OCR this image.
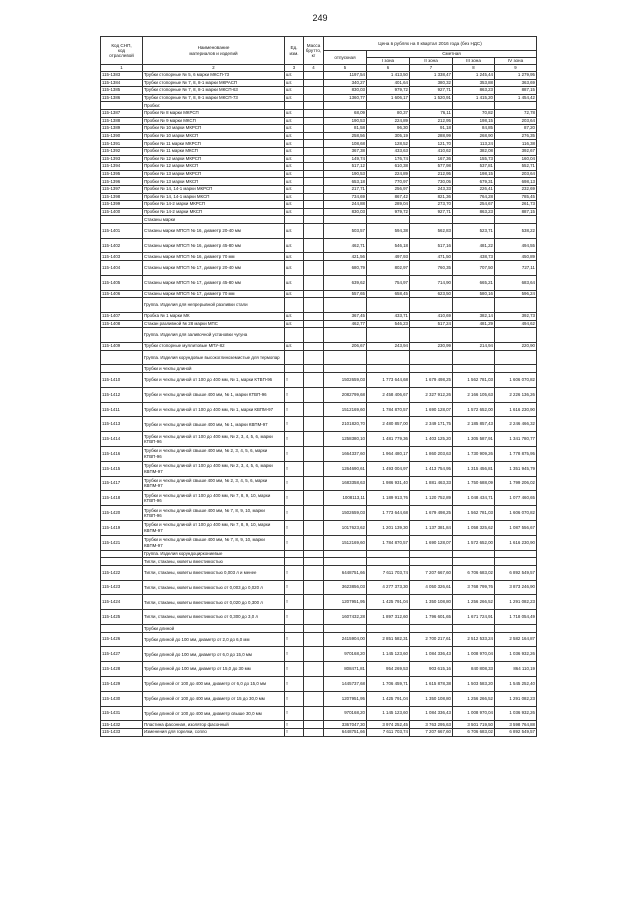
249
Код СНП,
код
отраслевой	Наименование
материалов и изделий	Ед.
изм.	Масса
брутто,
кг	Цена в рублях на II квартал 2016 года (без НДС)				
				отпускная	Сметная			
					I зона	II зона	III зона	IV зона
1	2	3	4	5	6	7	8	9
115-1383	Трубки стопорные № 5, 6 марки МКСП-73	шт.		1197,54	1 413,50	1 338,47	1 245,44	1 279,95
115-1384	Трубки стопорные № 7, 8, 8-1 марки МКРАСП	шт.		340,27	401,64	380,32	353,88	363,69
115-1385	Трубки стопорные № 7, 8, 8-1 марки МКСП-63	шт.		830,03	979,72	927,71	863,23	887,15
115-1386	Трубки стопорные № 7, 8, 8-1 марки МКСП-73	шт.		1360,77	1 606,17	1 520,91	1 415,20	1 454,42
	Пробки:							
115-1387	Пробки № 8 марки МКРСП	шт.		68,09	80,37	76,11	70,82	72,78
115-1388	Пробки № 9 марки МКСП	шт.		190,53	224,89	212,95	198,15	203,64
115-1389	Пробки № 10 марки МКРСП	шт.		81,58	96,30	91,18	84,85	87,20
115-1390	Пробки № 10 марки МКСП	шт.		258,56	305,19	288,99	268,90	276,35
115-1391	Пробки № 11 марки МКРСП	шт.		108,68	128,52	121,70	113,24	116,38
115-1392	Пробки № 11 марки МКСП	шт.		367,38	433,63	410,62	382,08	392,67
115-1393	Пробки № 12 марки МКРСП	шт.		149,74	176,74	167,36	155,73	160,04
115-1394	Пробки № 12 марки МКСП	шт.		517,12	610,38	577,98	537,81	552,71
115-1395	Пробки № 13 марки МКРСП	шт.		190,53	224,89	212,95	198,15	203,64
115-1396	Пробки № 13 марки МКСП	шт.		653,18	770,97	730,05	679,31	698,13
115-1397	Пробки № 14, 14-1 марки МКРСП	шт.		217,71	256,97	243,33	226,41	232,69
115-1398	Пробки № 14, 14-1 марки МКСП	шт.		734,69	867,42	821,36	764,28	785,45
115-1399	Пробки № 14-2 марки МКРСП	шт.		244,88	289,04	273,70	254,67	261,73
115-1400	Пробки № 14-2 марки МКСП	шт.		830,03	979,72	927,71	863,23	887,15
	Стаканы марки							
115-1401	Стаканы марки МПСП № 16, диаметр 20-40 мм	шт.		503,57	594,38	562,83	523,71	538,22
115-1402	Стаканы марки МПСП № 16, диаметр 45-80 мм	шт.		462,71	546,18	517,16	481,22	494,55
115-1403	Стаканы марки МПСП № 16, диаметр 70 мм	шт.		421,56	497,93	471,50	438,73	450,89
115-1404	Стаканы марки МПСП № 17, диаметр 20-40 мм	шт.		680,79	802,97	760,35	707,50	727,11
115-1405	Стаканы марки МПСП № 17, диаметр 45-80 мм	шт.		639,62	754,97	714,90	665,21	683,64
115-1406	Стаканы марки МПСП № 17, диаметр 70 мм	шт.		557,65	658,45	623,50	580,16	596,24
	Группа. Изделия для непрерывной разливки стали							
115-1407	Пробка № 1 марки МК	шт.		367,45	433,71	410,69	382,14	392,73
115-1408	Стакан разливной № 28 марки МПС	шт.		462,77	546,23	517,24	481,29	494,62
	Группа. Изделия для заливочной установки чугуна							
115-1409	Трубки стопорные муллитовые МПУ-82	шт.		206,67	243,94	230,99	214,94	220,90
	Группа. Изделия корундовые высокоглиноземистые для термопар							
	Трубки и чехлы длиной							
115-1410	Трубки и чехлы длиной от 100 до 400 мм, № 1, марки КТВП-96	т		1502659,03	1 773 644,68	1 679 498,25	1 562 781,03	1 606 070,82
115-1412	Трубки и чехлы длиной свыше 400 мм, № 1, марки КТВП-96	т		2082799,68	2 458 406,67	2 327 912,26	2 166 105,63	2 226 136,26
115-1411	Трубки и чехлы длиной от 100 до 400 мм, № 1, марки КВПМ-97	т		1512169,60	1 784 870,57	1 690 128,07	1 572 652,00	1 616 230,90
115-1413	Трубки и чехлы длиной свыше 400 мм, № 1, марки КВПМ-97	т		2101820,70	2 480 857,00	2 349 171,75	2 185 857,43	2 246 466,32
115-1414	Трубки и чехлы длиной от 100 до 400 мм, № 2, 3, 4, 5, 6, марки КТВП-96	т		1258380,10	1 481 779,36	1 403 125,20	1 305 587,91	1 341 780,77
115-1416	Трубки и чехлы длиной свыше 400 мм, № 2, 3, 4, 5, 6, марки КТВП-96	т		1664337,60	1 964 480,17	1 860 203,63	1 730 909,26	1 778 875,95
115-1415	Трубки и чехлы длиной от 100 до 400 мм, № 2, 3, 4, 5, 6, марки КВПМ-97	т		1264690,61	1 493 004,97	1 413 754,95	1 315 456,81	1 351 945,79
115-1417	Трубки и чехлы длиной свыше 400 мм, № 2, 3, 4, 5, 6, марки КВПМ-97	т		1683358,63	1 986 931,40	1 881 463,33	1 750 688,09	1 799 206,02
115-1418	Трубки и чехлы длиной от 100 до 400 мм, № 7, 8, 9, 10, марки КТВП-96	т		1008113,11	1 189 913,76	1 120 752,89	1 048 434,71	1 077 460,65
115-1420	Трубки и чехлы длиной свыше 400 мм, № 7, 8, 9, 10, марки КТВП-96	т		1502659,03	1 773 644,68	1 679 498,25	1 562 781,03	1 606 070,82
115-1419	Трубки и чехлы длиной от 100 до 400 мм, № 7, 8, 9, 10, марки КВПМ-97	т		1017623,62	1 201 139,30	1 137 381,84	1 058 325,62	1 087 556,67
115-1421	Трубки и чехлы длиной свыше 400 мм, № 7, 8, 9, 10, марки КВПМ-97	т		1512169,60	1 784 870,57	1 690 128,07	1 572 652,00	1 616 230,90
	Группа. Изделия корундоциркониевые							
	Тигли, стаканы, кюветы вместимостью							
115-1422	Тигли, стаканы, кюветы вместимостью 0,003 л и менее	т		6448751,66	7 611 703,74	7 207 667,60	6 706 683,02	6 892 549,57
115-1423	Тигли, стаканы, кюветы вместимостью от 0,003 до 0,020 л	т		3623856,03	4 277 373,30	4 050 326,61	3 768 799,76	3 873 246,90
115-1424	Тигли, стаканы, кюветы вместимостью от 0,020 до 0,300 л	т		1207951,95	1 425 791,04	1 350 108,80	1 256 266,52	1 291 082,23
115-1425	Тигли, стаканы, кюветы вместимостью от 0,300 до 3,0 л	т		1607432,28	1 897 312,60	1 796 601,65	1 671 724,91	1 718 054,49
	Трубки длиной							
115-1426	Трубки длиной до 100 мм, диаметр от 2,0 до 6,0 мм	т		2415904,00	2 851 582,31	2 700 217,61	2 512 533,24	2 582 164,87
115-1427	Трубки длиной до 100 мм, диаметр от 6,0 до 15,0 мм	т		970168,20	1 145 123,60	1 084 336,43	1 008 970,04	1 036 932,26
115-1428	Трубки длиной до 100 мм, диаметр от 15,0 до 30 мм	т		808471,81	954 269,53	903 615,16	840 808,33	864 110,19
115-1429	Трубки длиной от 100 до 400 мм, диаметр от 6,0 до 15,0 мм	т		1445737,68	1 706 459,71	1 615 878,38	1 503 583,20	1 545 252,40
115-1430	Трубки длиной от 100 до 400 мм, диаметр от 15 до 30,0 мм	т		1207951,95	1 425 791,04	1 350 108,80	1 256 266,52	1 291 082,23
115-1431	Трубки длиной от 100 до 400 мм, диаметр свыше 30,0 мм	т		970168,20	1 145 123,60	1 084 336,43	1 008 970,04	1 036 932,26
115-1432	Пластина фасонная, изолятор фасонный	т		3367047,30	3 974 252,45	3 763 295,63	3 501 719,50	3 598 764,88
115-1433	Изменения для горелки, сопло	т		6448751,66	7 611 703,74	7 207 667,60	6 706 683,02	6 892 549,57
